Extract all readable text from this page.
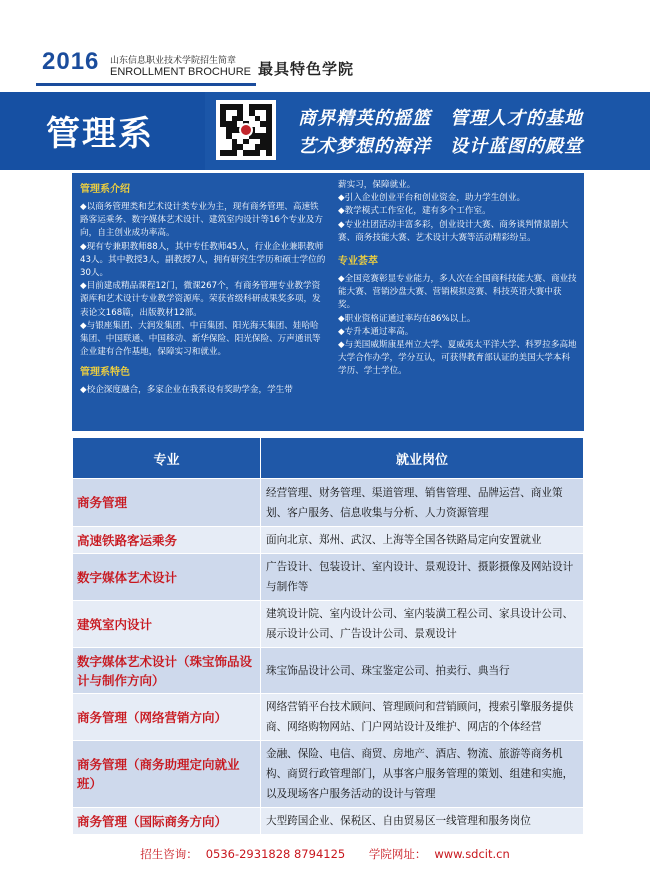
2016 山东信息职业技术学院招生简章
ENROLLMENT BROCHURE 最具特色学院
管理系	商界精英的摇篮　管理人才的基地
艺术梦想的海洋　设计蓝图的殿堂
管理系介绍
◆以商务管理类和艺术设计类专业为主，现有商务管理、高速铁路客运乘务、数字媒体艺术设计、建筑室内设计等16个专业及方向，自主创业成功率高。
◆现有专兼职教师88人，其中专任教师45人，行业企业兼职教师43人。其中教授3人，副教授7人，拥有研究生学历和硕士学位的30人。
◆目前建成精品课程12门，微课267个，有商务管理专业教学资源库和艺术设计专业教学资源库。荣获省级科研成果奖多项，发表论文168篇，出版教材12部。
◆与银座集团、大润发集团、中百集团、阳光海天集团、娃哈哈集团、中国联通、中国移动、新华保险、阳光保险、万声通讯等企业建有合作基地，保障实习和就业。
管理系特色
◆校企深度融合，多家企业在我系设有奖助学金，学生带
薪实习，保障就业。
◆引入企业创业平台和创业资金，助力学生创业。
◆教学模式工作室化，建有多个工作室。
◆专业社团活动丰富多彩，创业设计大赛、商务谈判情景剧大赛、商务技能大赛、艺术设计大赛等活动精彩纷呈。
专业荟萃
◆全国竞赛彰显专业能力，多人次在全国商科技能大赛、商业技能大赛、营销沙盘大赛、营销模拟竞赛、科技英语大赛中获奖。
◆职业资格证通过率均在86%以上。
◆专升本通过率高。
◆与美国威斯康星州立大学、夏威夷太平洋大学、科罗拉多高地大学合作办学，学分互认，可获得教育部认证的美国大学本科学历、学士学位。
专业	就业岗位
商务管理	经营管理、财务管理、渠道管理、销售管理、品牌运营、商业策划、客户服务、信息收集与分析、人力资源管理
高速铁路客运乘务	面向北京、郑州、武汉、上海等全国各铁路局定向安置就业
数字媒体艺术设计	广告设计、包装设计、室内设计、景观设计、摄影摄像及网站设计与制作等
建筑室内设计	建筑设计院、室内设计公司、室内装潢工程公司、家具设计公司、展示设计公司、广告设计公司、景观设计
数字媒体艺术设计（珠宝饰品设计与制作方向）	珠宝饰品设计公司、珠宝鉴定公司、拍卖行、典当行
商务管理（网络营销方向）	网络营销平台技术顾问、管理顾问和营销顾问，搜索引擎服务提供商、网络购物网站、门户网站设计及维护、网店的个体经营
商务管理（商务助理定向就业班）	金融、保险、电信、商贸、房地产、酒店、物流、旅游等商务机构、商贸行政管理部门，从事客户服务管理的策划、组建和实施，以及现场客户服务活动的设计与管理
商务管理（国际商务方向）	大型跨国企业、保税区、自由贸易区一线管理和服务岗位
招生咨询： 0536-2931828 8794125 学院网址： www.sdcit.cn
